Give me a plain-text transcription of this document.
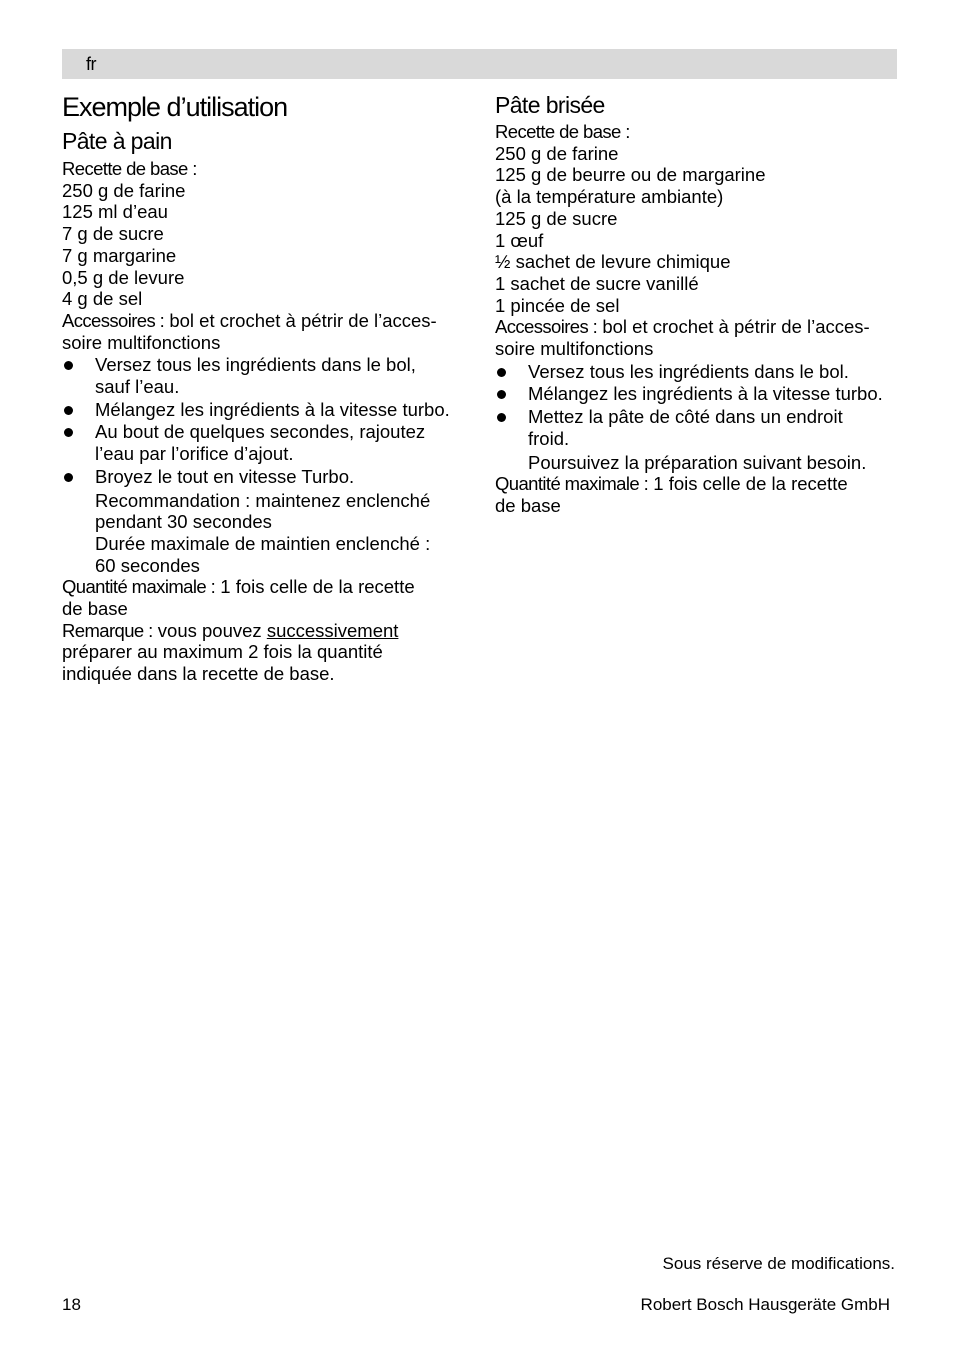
fr
Exemple d’utilisation
Pâte à pain
Recette de base :
250 g de farine
125 ml d’eau
7 g de sucre
7 g margarine
0,5 g de levure
4 g de sel
Accessoires : bol et crochet à pétrir de l’acces-
soire multifonctions
Versez tous les ingrédients dans le bol,
sauf l’eau.
Mélangez les ingrédients à la vitesse turbo.
Au bout de quelques secondes, rajoutez
l’eau par l’orifice d’ajout.
Broyez le tout en vitesse Turbo.
Recommandation : maintenez enclenché
pendant 30 secondes
Durée maximale de maintien enclenché :
60 secondes
Quantité maximale : 1 fois celle de la recette
de base
Remarque : vous pouvez successivement
préparer au maximum 2 fois la quantité
indiquée dans la recette de base.
Pâte brisée
Recette de base :
250 g de farine
125 g de beurre ou de margarine
(à la température ambiante)
125 g de sucre
1 œuf
½ sachet de levure chimique
1 sachet de sucre vanillé
1 pincée de sel
Accessoires : bol et crochet à pétrir de l’acces-
soire multifonctions
Versez tous les ingrédients dans le bol.
Mélangez les ingrédients à la vitesse turbo.
Mettez la pâte de côté dans un endroit
froid.
Poursuivez la préparation suivant besoin.
Quantité maximale : 1 fois celle de la recette
de base
Sous réserve de modifications.
18	Robert Bosch Hausgeräte GmbH
